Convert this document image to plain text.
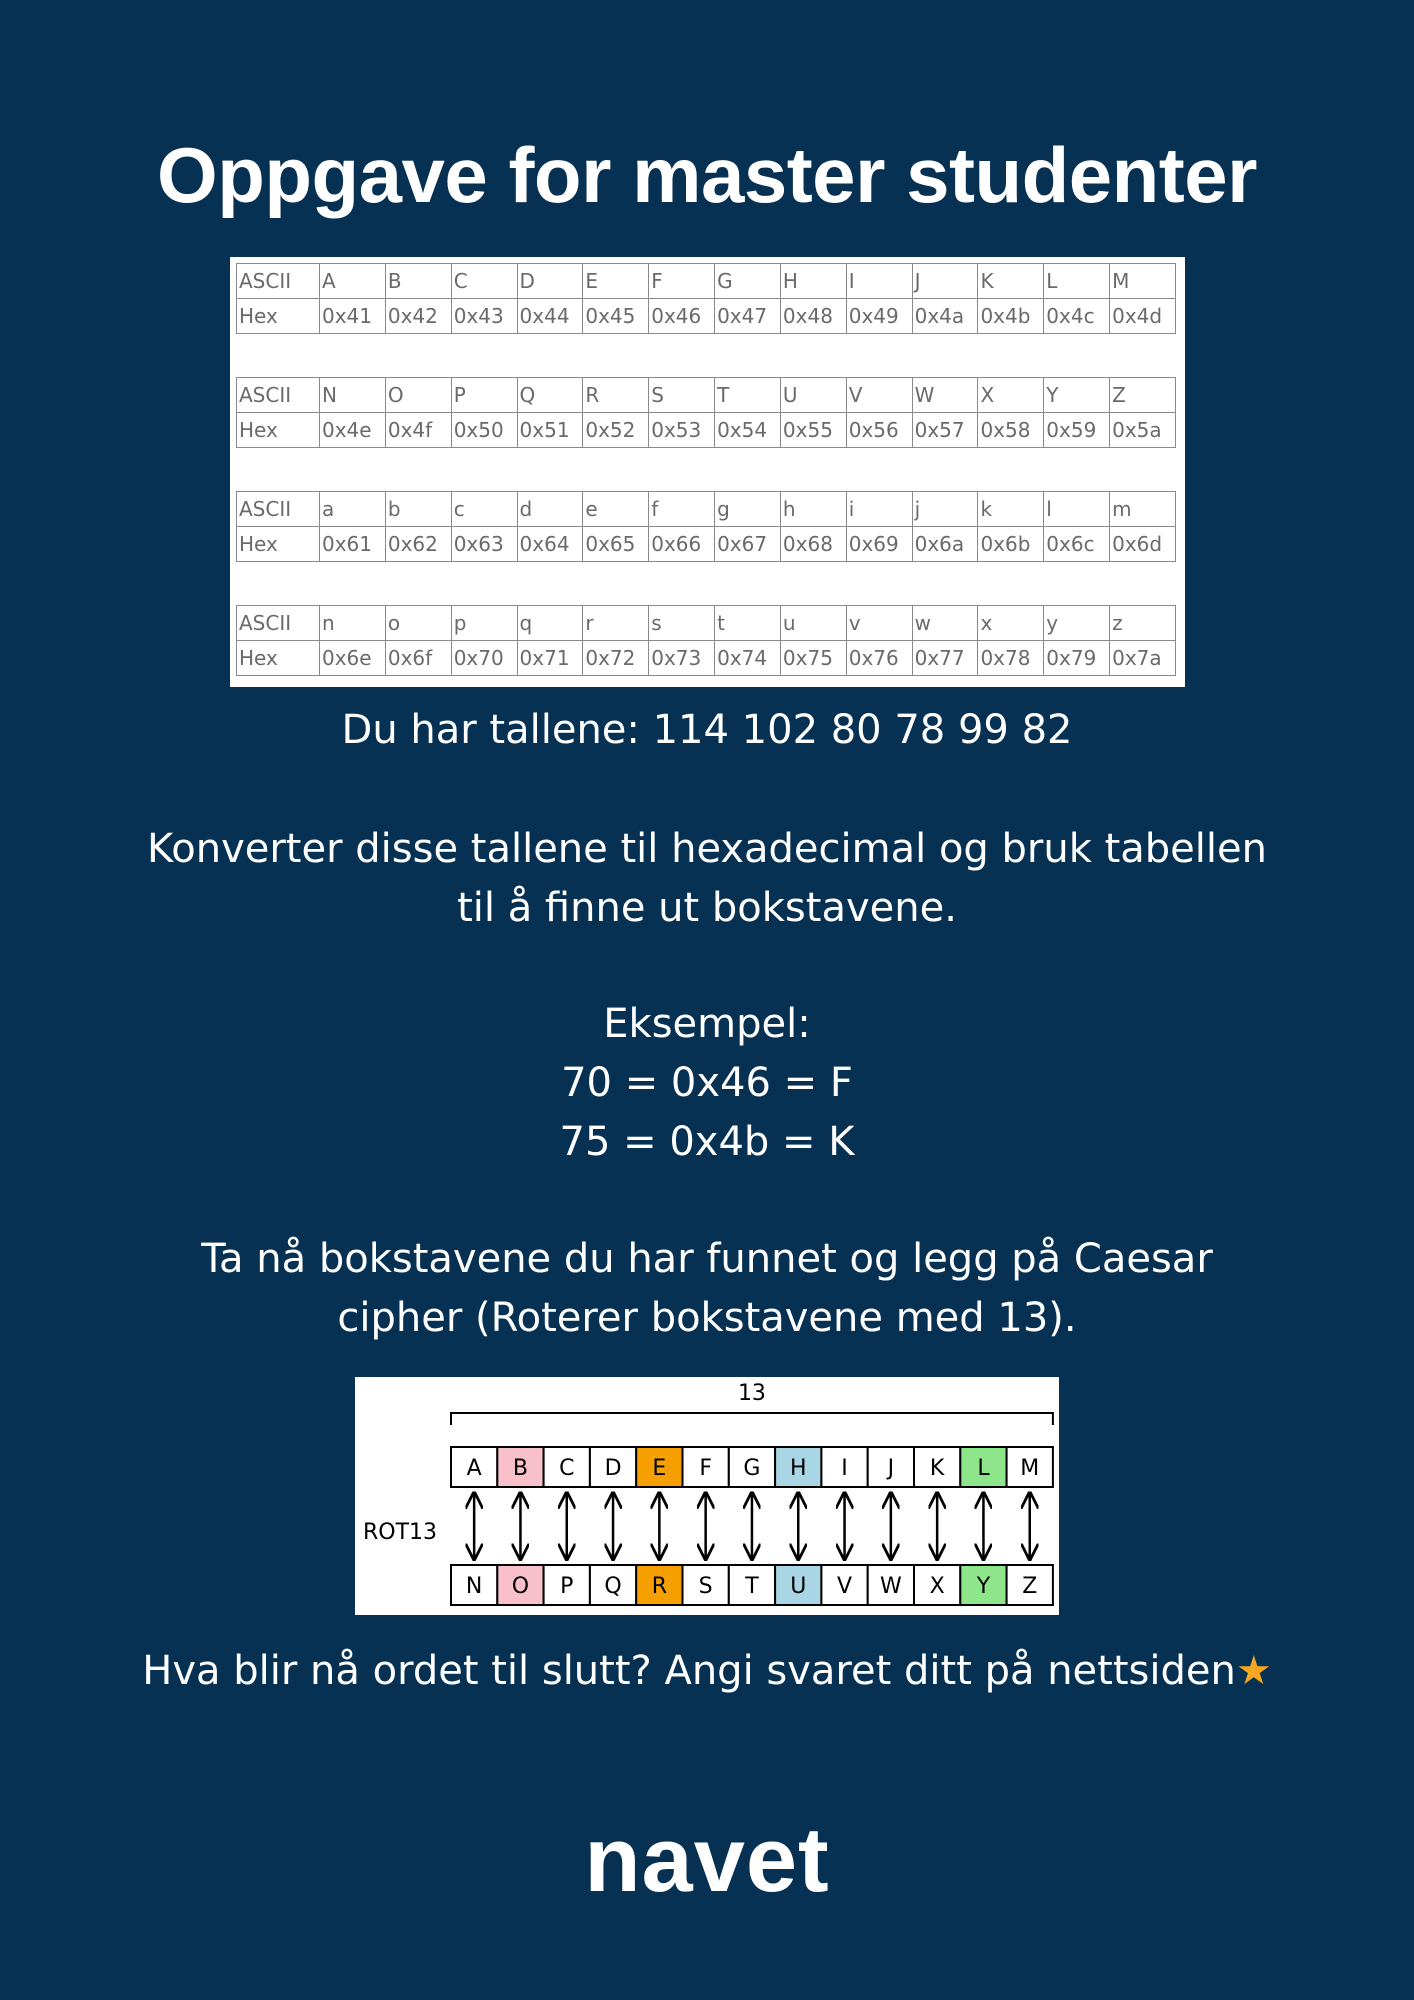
Oppgave for master studenter
ASCII	A	B	C	D	E	F	G	H	I	J	K	L	M
Hex	0x41	0x42	0x43	0x44	0x45	0x46	0x47	0x48	0x49	0x4a	0x4b	0x4c	0x4d
ASCII	N	O	P	Q	R	S	T	U	V	W	X	Y	Z
Hex	0x4e	0x4f	0x50	0x51	0x52	0x53	0x54	0x55	0x56	0x57	0x58	0x59	0x5a
ASCII	a	b	c	d	e	f	g	h	i	j	k	l	m
Hex	0x61	0x62	0x63	0x64	0x65	0x66	0x67	0x68	0x69	0x6a	0x6b	0x6c	0x6d
ASCII	n	o	p	q	r	s	t	u	v	w	x	y	z
Hex	0x6e	0x6f	0x70	0x71	0x72	0x73	0x74	0x75	0x76	0x77	0x78	0x79	0x7a
Du har tallene: 114 102 80 78 99 82
Konverter disse tallene til hexadecimal og bruk tabellen
til å finne ut bokstavene.
Eksempel:
70 = 0x46 = F
75 = 0x4b = K
Ta nå bokstavene du har funnet og legg på Caesar
cipher (Roterer bokstavene med 13).
13
ROT13
A
N
B
O
C
P
D
Q
E
R
F
S
G
T
H
U
I
V
J
W
K
X
L
Y
M
Z
Hva blir nå ordet til slutt? Angi svaret ditt på nettsiden★
navet
